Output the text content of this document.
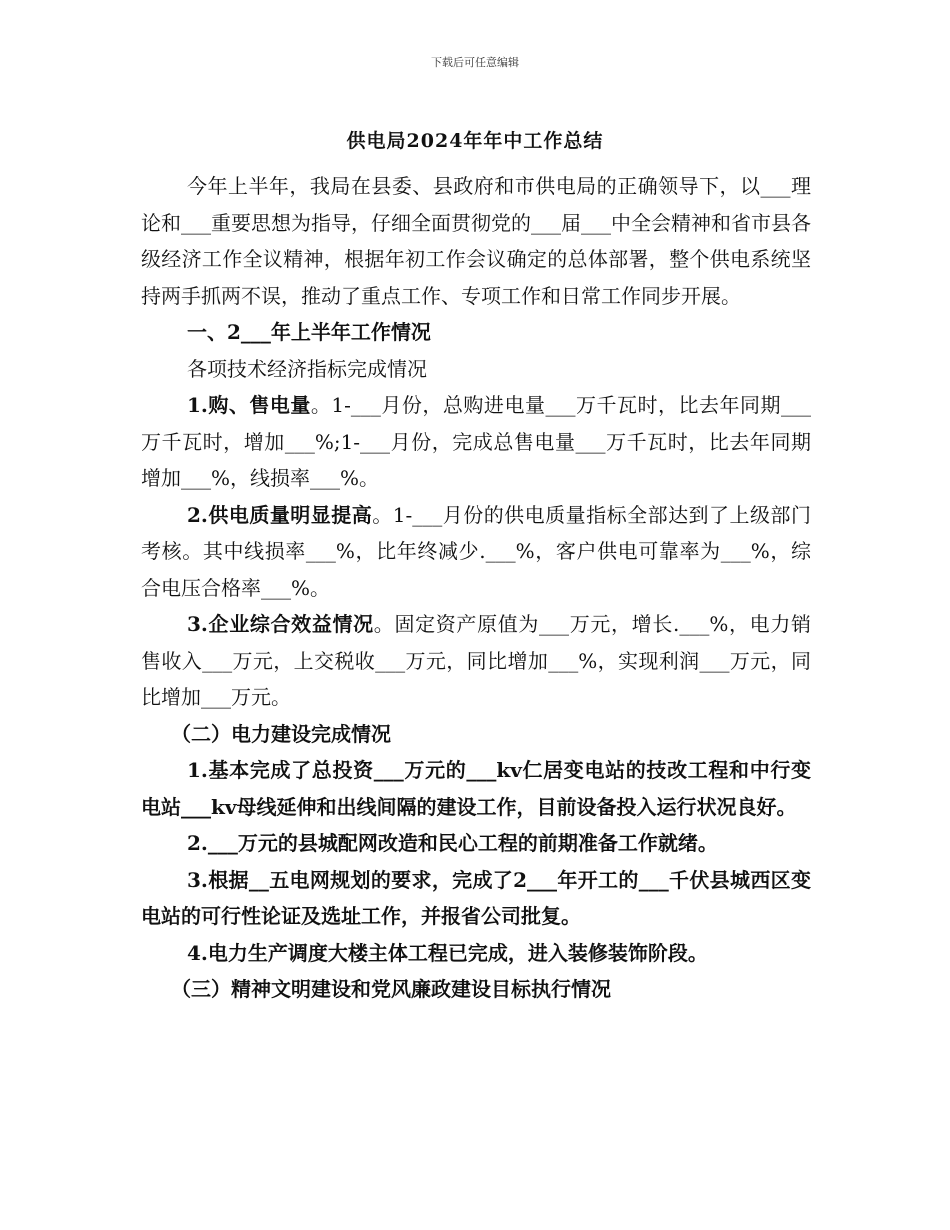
下载后可任意编辑
供电局2024年年中工作总结

今年上半年，我局在县委、县政府和市供电局的正确领导下，以___理论和___重要思想为指导，仔细全面贯彻党的___届___中全会精神和省市县各级经济工作全议精神，根据年初工作会议确定的总体部署，整个供电系统坚持两手抓两不误，推动了重点工作、专项工作和日常工作同步开展。

一、2___年上半年工作情况

各项技术经济指标完成情况

1.购、售电量。1-___月份，总购进电量___万千瓦时，比去年同期___万千瓦时，增加___%;1-___月份，完成总售电量___万千瓦时，比去年同期增加___%，线损率___%。

2.供电质量明显提高。1-___月份的供电质量指标全部达到了上级部门考核。其中线损率___%，比年终减少.___%，客户供电可靠率为___%，综合电压合格率___%。

3.企业综合效益情况。固定资产原值为___万元，增长.___%，电力销售收入___万元，上交税收___万元，同比增加___%，实现利润___万元，同比增加___万元。

（二）电力建设完成情况

1.基本完成了总投资___万元的___kv仁居变电站的技改工程和中行变电站___kv母线延伸和出线间隔的建设工作，目前设备投入运行状况良好。

2.___万元的县城配网改造和民心工程的前期准备工作就绪。

3.根据__五电网规划的要求，完成了2___年开工的___千伏县城西区变电站的可行性论证及选址工作，并报省公司批复。

4.电力生产调度大楼主体工程已完成，进入装修装饰阶段。

（三）精神文明建设和党风廉政建设目标执行情况
